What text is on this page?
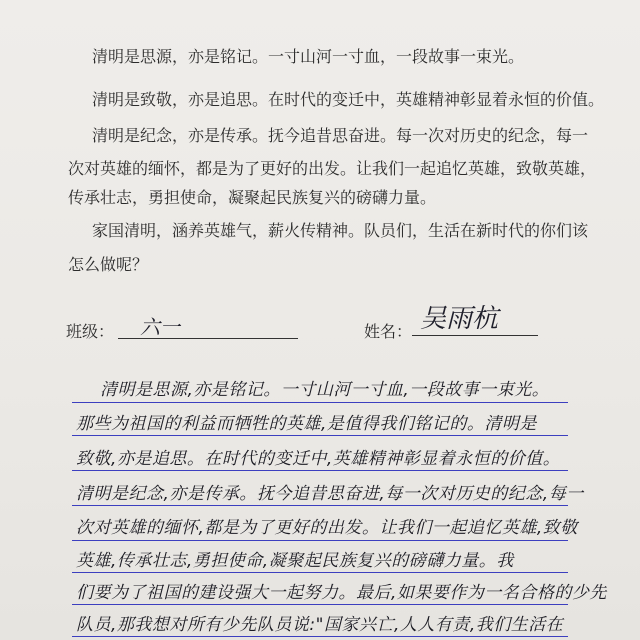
清明是思源，亦是铭记。一寸山河一寸血，一段故事一束光。

清明是致敬，亦是追思。在时代的变迁中，英雄精神彰显着永恒的价值。

清明是纪念，亦是传承。抚今追昔思奋进。每一次对历史的纪念，每一

次对英雄的缅怀，都是为了更好的出发。让我们一起追忆英雄，致敬英雄，

传承壮志，勇担使命，凝聚起民族复兴的磅礴力量。

家国清明，涵养英雄气，薪火传精神。队员们，生活在新时代的你们该

怎么做呢？

班级： 六一	姓名： 吴雨杭
清明是思源,亦是铭记。一寸山河一寸血,一段故事一束光。
那些为祖国的利益而牺牲的英雄,是值得我们铭记的。清明是
致敬,亦是追思。在时代的变迁中,英雄精神彰显着永恒的价值。
清明是纪念,亦是传承。抚今追昔思奋进,每一次对历史的纪念,每一
次对英雄的缅怀,都是为了更好的出发。让我们一起追忆英雄,致敬
英雄,传承壮志,勇担使命,凝聚起民族复兴的磅礴力量。我
们要为了祖国的建设强大一起努力。最后,如果要作为一名合格的少先
队员,那我想对所有少先队员说:"国家兴亡,人人有责,我们生活在
